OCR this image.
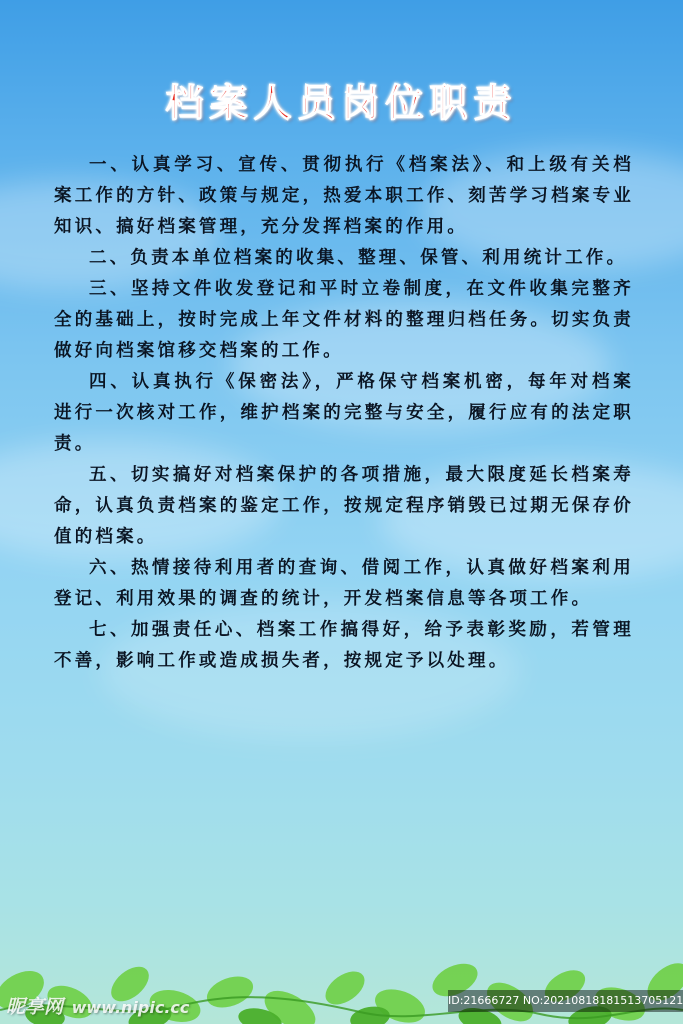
档案人员岗位职责

一、认真学习、宣传、贯彻执行《档案法》、和上级有关档案工作的方针、政策与规定，热爱本职工作、刻苦学习档案专业知识、搞好档案管理，充分发挥档案的作用。

二、负责本单位档案的收集、整理、保管、利用统计工作。

三、坚持文件收发登记和平时立卷制度，在文件收集完整齐全的基础上，按时完成上年文件材料的整理归档任务。切实负责做好向档案馆移交档案的工作。

四、认真执行《保密法》，严格保守档案机密，每年对档案进行一次核对工作，维护档案的完整与安全，履行应有的法定职责。

五、切实搞好对档案保护的各项措施，最大限度延长档案寿命，认真负责档案的鉴定工作，按规定程序销毁已过期无保存价值的档案。

六、热情接待利用者的查询、借阅工作，认真做好档案利用登记、利用效果的调查的统计，开发档案信息等各项工作。

七、加强责任心、档案工作搞得好，给予表彰奖励，若管理不善，影响工作或造成损失者，按规定予以处理。

昵享网 www.nipic.cc	ID:21666727 NO:20210818181513705121
